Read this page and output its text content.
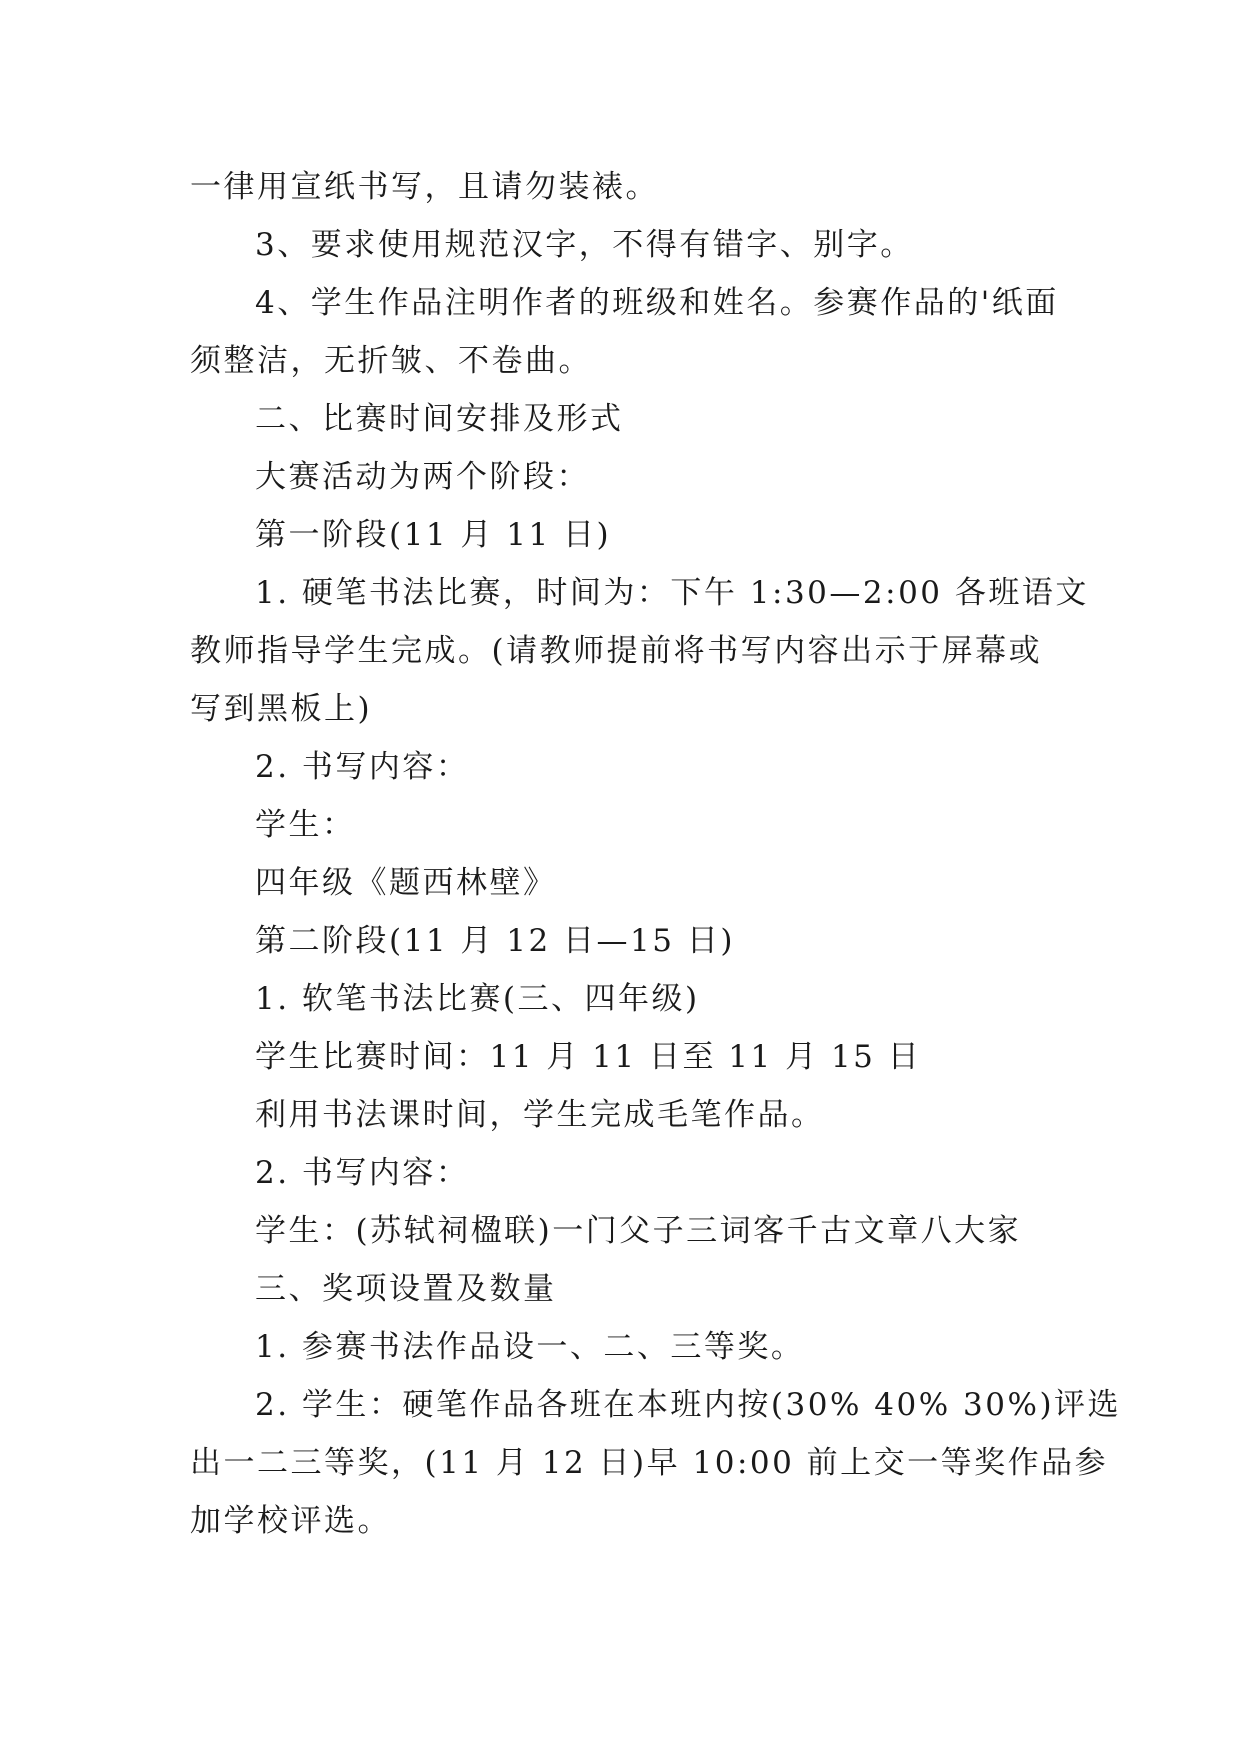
一律用宣纸书写，且请勿装裱。

3、要求使用规范汉字，不得有错字、别字。

4、学生作品注明作者的班级和姓名。参赛作品的'纸面

须整洁，无折皱、不卷曲。

二、比赛时间安排及形式

大赛活动为两个阶段：

第一阶段(11 月 11 日)

1. 硬笔书法比赛，时间为：下午 1:30—2:00 各班语文

教师指导学生完成。(请教师提前将书写内容出示于屏幕或

写到黑板上)

2. 书写内容：

学生：

四年级《题西林壁》

第二阶段(11 月 12 日—15 日)

1. 软笔书法比赛(三、四年级)

学生比赛时间：11 月 11 日至 11 月 15 日

利用书法课时间，学生完成毛笔作品。

2. 书写内容：

学生：(苏轼祠楹联)一门父子三词客千古文章八大家

三、奖项设置及数量

1. 参赛书法作品设一、二、三等奖。

2. 学生：硬笔作品各班在本班内按(30% 40% 30%)评选

出一二三等奖，(11 月 12 日)早 10:00 前上交一等奖作品参

加学校评选。
